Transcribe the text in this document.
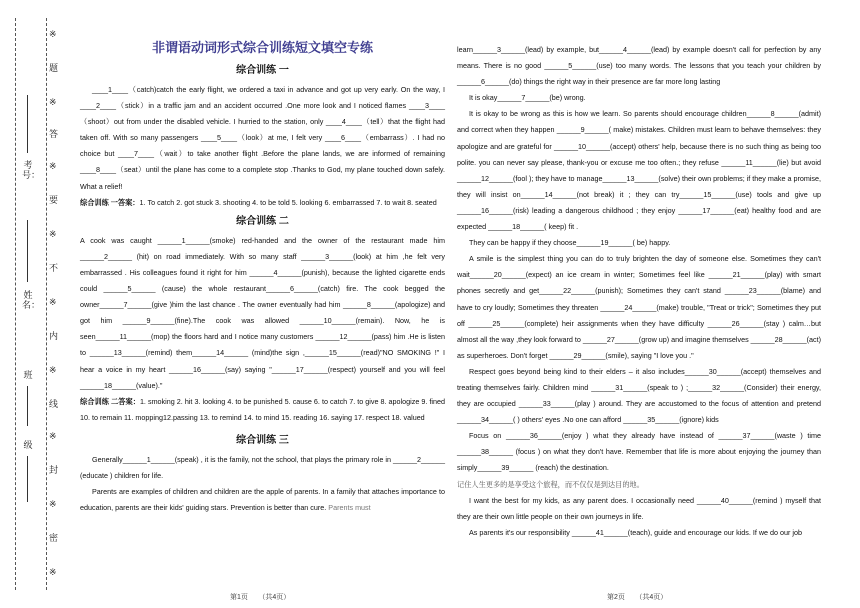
※
题
※
答
※
要
※
不
※
内
※
线
※
封
※
密
※
考号：
姓名：
班
级
非谓语动词形式综合训练短文填空专练
综合训练 一

____1____（catch)catch the early flight, we ordered a taxi in advance and got up very early. On the way, I ____2____（stick）in a traffic jam and an accident occurred .One more look and I noticed flames ____3____（shoot）out from under the disabled vehicle. I hurried to the station, only ____4____（tell）that the flight had taken off. With so many passengers ____5____（look）at me, I felt very ____6____（embarrass）. I had no choice but ____7____（wait）to take another flight .Before the plane lands, we are informed of remaining ____8____（seat）until the plane has come to a complete stop .Thanks to God, my plane touched down safely. What a relief!

综合训练 一答案：1. To catch 2. got stuck 3. shooting 4. to be told 5. looking 6. embarrassed 7. to wait 8. seated

综合训练 二

A cook was caught ______1______(smoke) red-handed and the owner of the restaurant made him ______2______ (hit) on road immediately. With so many staff ______3______(look) at him ,he felt very embarrassed . His colleagues found it right for him ______4______(punish), because the lighted cigarette ends could ______5______ (cause) the whole restaurant______6______(catch) fire. The cook begged the owner______7______(give )him the last chance . The owner eventually had him ______8______(apologize) and got him ______9______(fine).The cook was allowed ______10______(remain). Now, he is seen______11______(mop) the floors hard and I notice many customers ______12______(pass) him .He is listen to ______13______(remind) them______14______ (mind)the sign ,______15______(read)"NO SMOKING !" I hear a voice in my heart ______16______(say) saying "______17______(respect) yourself and you will feel ______18______(value)."

综合训练 二答案：1. smoking 2. hit 3. looking 4. to be punished 5. cause 6. to catch 7. to give 8. apologize 9. fined 10. to remain 11. mopping12.passing 13. to remind 14. to mind 15. reading 16. saying 17. respect 18. valued

综合训练 三

Generally______1______(speak) , it is the family, not the school, that plays the primary role in ______2______ (educate ) children for life.

Parents are examples of children and children are the apple of parents. In a family that attaches importance to education, parents are their kids' guiding stars. Prevention is better than cure. Parents must

第1页　　（共4页）

learn______3______(lead) by example, but______4______(lead) by example doesn't call for perfection by any means. There is no good ______5______(use) too many words. The lessons that you teach your children by ______6______(do) things the right way in their presence are far more long lasting

It is okay______7______(be) wrong.

It is okay to be wrong as this is how we learn. So parents should encourage children______8______(admit) and correct when they happen ______9______( make) mistakes. Children must learn to behave themselves: they apologize and are grateful for ______10______(accept) others' help, because there is no such thing as being too polite. you can never say please, thank-you or excuse me too often.; they refuse ______11______(lie) but avoid ______12______(fool ); they have to manage______13______(solve) their own problems; if they make a promise, they will insist on______14______(not break) it ; they can try______15______(use) tools and give up ______16______(risk) leading a dangerous childhood ; they enjoy ______17______(eat) healthy food and are expected ______18______( keep) fit .

They can be happy if they choose______19______( be) happy.

A smile is the simplest thing you can do to truly brighten the day of someone else. Sometimes they can't wait______20______(expect) an ice cream in winter; Sometimes feel like ______21______(play) with smart phones secretly and get______22______(punish); Sometimes they can't stand ______23______(blame) and have to cry loudly; Sometimes they threaten ______24______(make) trouble, "Treat or trick"; Sometimes they put off ______25______(complete) heir assignments when they have difficulty ______26______(stay ) calm…but almost all the way ,they look forward to ______27______(grow up) and imagine themselves ______28______(act) as superheroes. Don't forget ______29______(smile), saying "I love you ."

Respect goes beyond being kind to their elders – it also includes______30______(accept) themselves and treating themselves fairly. Children mind ______31______(speak to ) ;______32______(Consider) their energy, they are occupied ______33______(play ) around. They are accustomed to the focus of attention and pretend ______34______( ) others' eyes .No one can afford ______35______(ignore) kids

Focus on ______36______(enjoy ) what they already have instead of ______37______(waste ) time ______38______ (focus ) on what they don't have. Remember that life is more about enjoying the journey than simply______39______ (reach) the destination.

记住人生更多的是享受这个旅程，而不仅仅是到达目的地。

I want the best for my kids, as any parent does. I occasionally need ______40______(remind ) myself that they are their own little people on their own journeys in life.

As parents it's our responsibility ______41______(teach), guide and encourage our kids. If we do our job

第2页　　（共4页）
